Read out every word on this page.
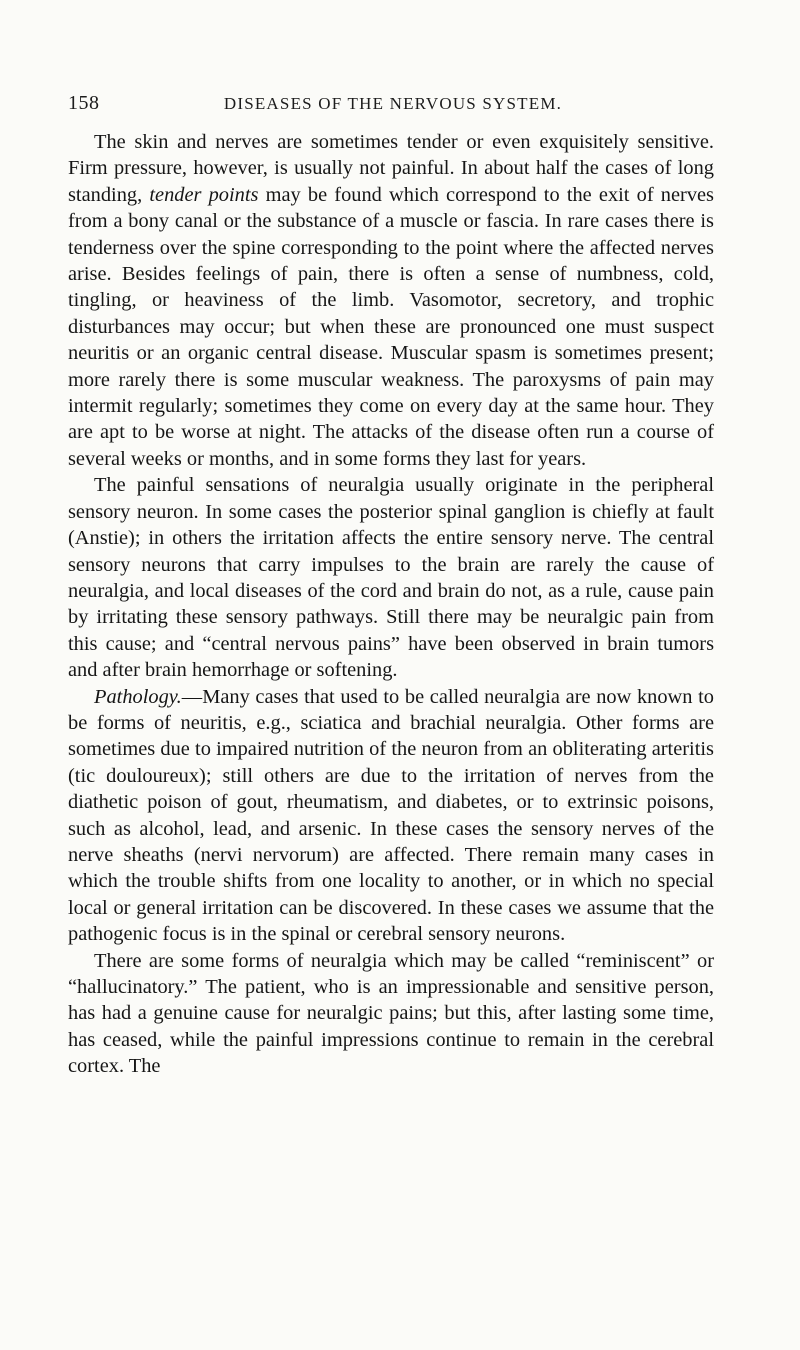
158	DISEASES OF THE NERVOUS SYSTEM.

The skin and nerves are sometimes tender or even exquisitely sensitive. Firm pressure, however, is usually not painful. In about half the cases of long standing, tender points may be found which correspond to the exit of nerves from a bony canal or the substance of a muscle or fascia. In rare cases there is tenderness over the spine corresponding to the point where the affected nerves arise. Besides feelings of pain, there is often a sense of numbness, cold, tingling, or heaviness of the limb. Vasomotor, secretory, and trophic disturbances may occur; but when these are pronounced one must suspect neuritis or an organic central disease. Muscular spasm is sometimes present; more rarely there is some muscular weakness. The paroxysms of pain may intermit regularly; sometimes they come on every day at the same hour. They are apt to be worse at night. The attacks of the disease often run a course of several weeks or months, and in some forms they last for years.

The painful sensations of neuralgia usually originate in the peripheral sensory neuron. In some cases the posterior spinal ganglion is chiefly at fault (Anstie); in others the irritation affects the entire sensory nerve. The central sensory neurons that carry impulses to the brain are rarely the cause of neuralgia, and local diseases of the cord and brain do not, as a rule, cause pain by irritating these sensory pathways. Still there may be neuralgic pain from this cause; and “central nervous pains” have been observed in brain tumors and after brain hemorrhage or softening.

Pathology.—Many cases that used to be called neuralgia are now known to be forms of neuritis, e.g., sciatica and brachial neuralgia. Other forms are sometimes due to impaired nutrition of the neuron from an obliterating arteritis (tic douloureux); still others are due to the irritation of nerves from the diathetic poison of gout, rheumatism, and diabetes, or to extrinsic poisons, such as alcohol, lead, and arsenic. In these cases the sensory nerves of the nerve sheaths (nervi nervorum) are affected. There remain many cases in which the trouble shifts from one locality to another, or in which no special local or general irritation can be discovered. In these cases we assume that the pathogenic focus is in the spinal or cerebral sensory neurons.

There are some forms of neuralgia which may be called “reminiscent” or “hallucinatory.” The patient, who is an impressionable and sensitive person, has had a genuine cause for neuralgic pains; but this, after lasting some time, has ceased, while the painful impressions continue to remain in the cerebral cortex. The
